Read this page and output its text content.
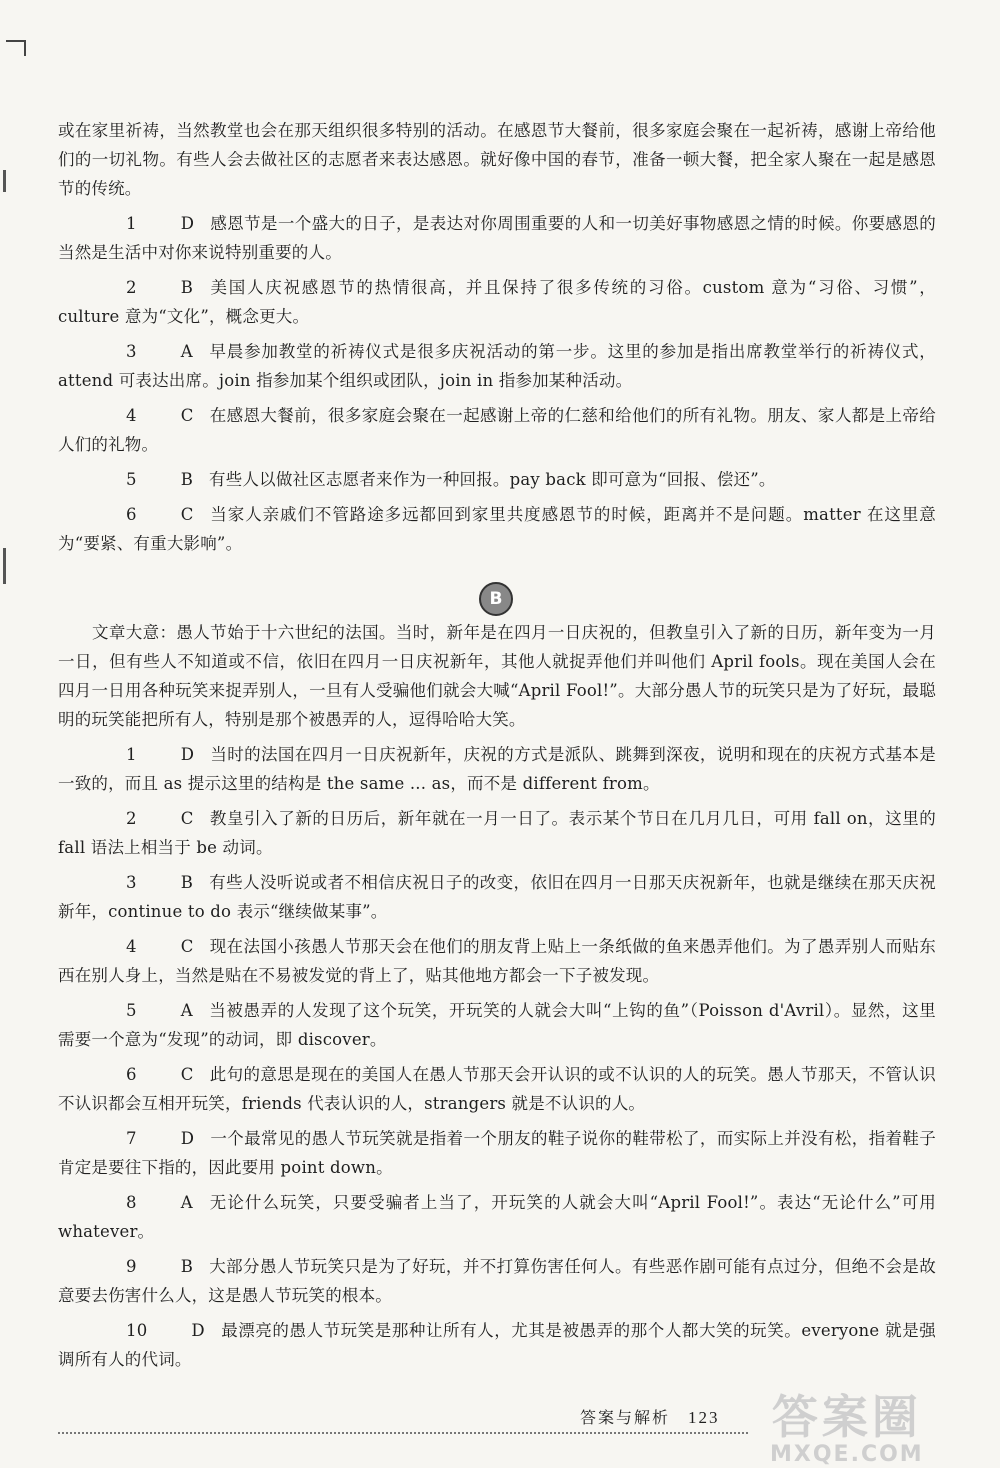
或在家里祈祷，当然教堂也会在那天组织很多特别的活动。在感恩节大餐前，很多家庭会聚在一起祈祷，感谢上帝给他们的一切礼物。有些人会去做社区的志愿者来表达感恩。就好像中国的春节，准备一顿大餐，把全家人聚在一起是感恩节的传统。

1	D 感恩节是一个盛大的日子，是表达对你周围重要的人和一切美好事物感恩之情的时候。你要感恩的当然是生活中对你来说特别重要的人。

2	B 美国人庆祝感恩节的热情很高，并且保持了很多传统的习俗。custom 意为“习俗、习惯”，culture 意为“文化”，概念更大。

3	A 早晨参加教堂的祈祷仪式是很多庆祝活动的第一步。这里的参加是指出席教堂举行的祈祷仪式，attend 可表达出席。join 指参加某个组织或团队，join in 指参加某种活动。

4	C 在感恩大餐前，很多家庭会聚在一起感谢上帝的仁慈和给他们的所有礼物。朋友、家人都是上帝给人们的礼物。

5	B 有些人以做社区志愿者来作为一种回报。pay back 即可意为“回报、偿还”。

6	C 当家人亲戚们不管路途多远都回到家里共度感恩节的时候，距离并不是问题。matter 在这里意为“要紧、有重大影响”。

B

文章大意：愚人节始于十六世纪的法国。当时，新年是在四月一日庆祝的，但教皇引入了新的日历，新年变为一月一日，但有些人不知道或不信，依旧在四月一日庆祝新年，其他人就捉弄他们并叫他们 April fools。现在美国人会在四月一日用各种玩笑来捉弄别人，一旦有人受骗他们就会大喊“April Fool!”。大部分愚人节的玩笑只是为了好玩，最聪明的玩笑能把所有人，特别是那个被愚弄的人，逗得哈哈大笑。

1	D 当时的法国在四月一日庆祝新年，庆祝的方式是派队、跳舞到深夜，说明和现在的庆祝方式基本是一致的，而且 as 提示这里的结构是 the same ... as，而不是 different from。

2	C 教皇引入了新的日历后，新年就在一月一日了。表示某个节日在几月几日，可用 fall on，这里的 fall 语法上相当于 be 动词。

3	B 有些人没听说或者不相信庆祝日子的改变，依旧在四月一日那天庆祝新年，也就是继续在那天庆祝新年，continue to do 表示“继续做某事”。

4	C 现在法国小孩愚人节那天会在他们的朋友背上贴上一条纸做的鱼来愚弄他们。为了愚弄别人而贴东西在别人身上，当然是贴在不易被发觉的背上了，贴其他地方都会一下子被发现。

5	A 当被愚弄的人发现了这个玩笑，开玩笑的人就会大叫“上钩的鱼”（Poisson d'Avril）。显然，这里需要一个意为“发现”的动词，即 discover。

6	C 此句的意思是现在的美国人在愚人节那天会开认识的或不认识的人的玩笑。愚人节那天，不管认识不认识都会互相开玩笑，friends 代表认识的人，strangers 就是不认识的人。

7	D 一个最常见的愚人节玩笑就是指着一个朋友的鞋子说你的鞋带松了，而实际上并没有松，指着鞋子肯定是要往下指的，因此要用 point down。

8	A 无论什么玩笑，只要受骗者上当了，开玩笑的人就会大叫“April Fool!”。表达“无论什么”可用 whatever。

9	B 大部分愚人节玩笑只是为了好玩，并不打算伤害任何人。有些恶作剧可能有点过分，但绝不会是故意要去伤害什么人，这是愚人节玩笑的根本。

10	D 最漂亮的愚人节玩笑是那种让所有人，尤其是被愚弄的那个人都大笑的玩笑。everyone 就是强调所有人的代词。

答案与解析 123 答案圈
MXQE.COM
